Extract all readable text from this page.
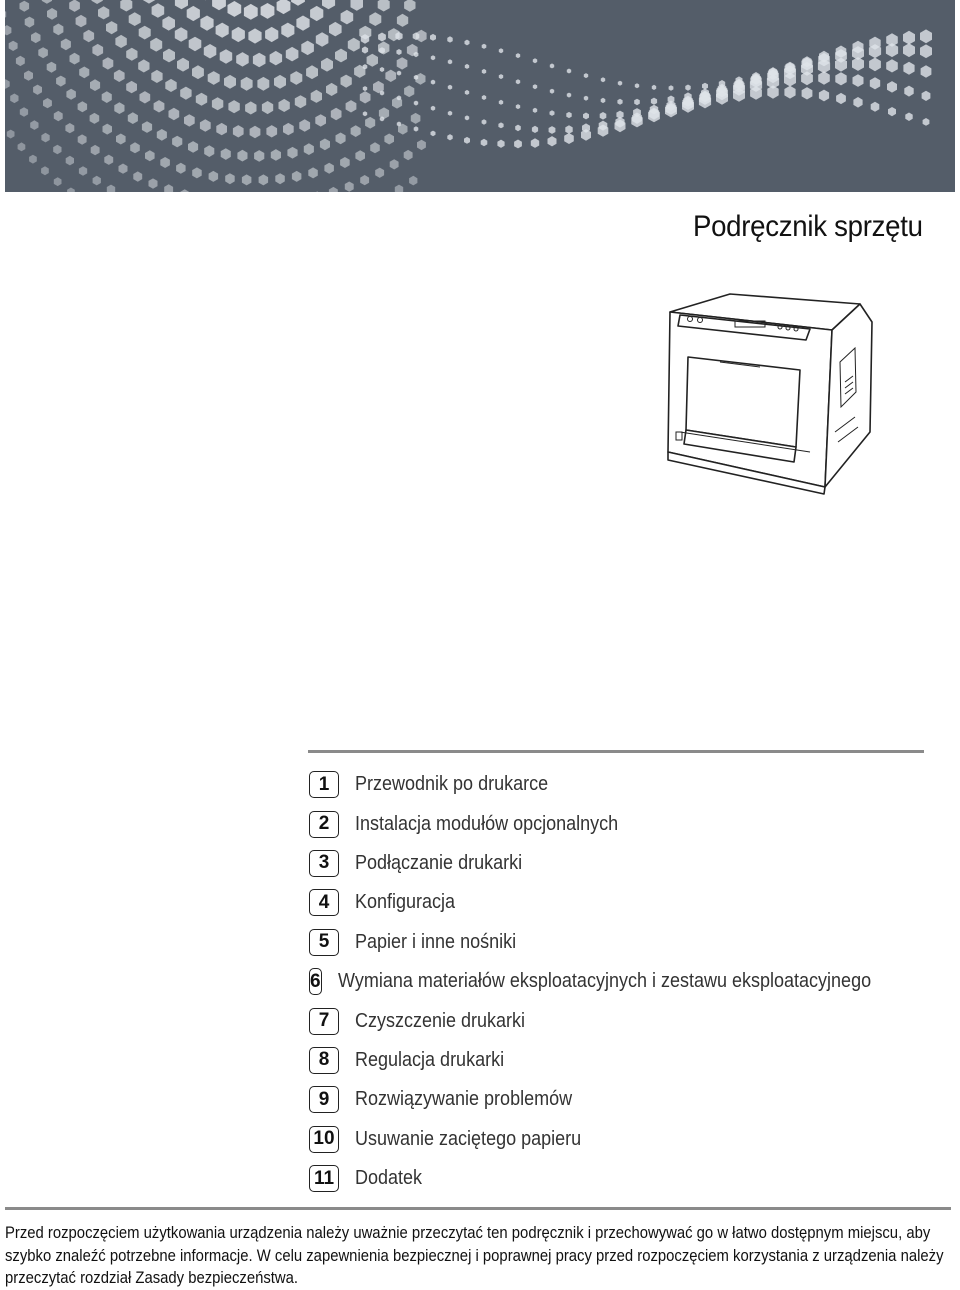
Podręcznik sprzętu
1	Przewodnik po drukarce
2	Instalacja modułów opcjonalnych
3	Podłączanie drukarki
4	Konfiguracja
5	Papier i inne nośniki
6 Wymiana materiałów eksploatacyjnych i zestawu eksploatacyjnego
7	Czyszczenie drukarki
8	Regulacja drukarki
9	Rozwiązywanie problemów
10 Usuwanie zaciętego papieru
11 Dodatek
Przed rozpoczęciem użytkowania urządzenia należy uważnie przeczytać ten podręcznik i przechowywać go w łatwo dostępnym miejscu, aby
szybko znaleźć potrzebne informacje. W celu zapewnienia bezpiecznej i poprawnej pracy przed rozpoczęciem korzystania z urządzenia należy
przeczytać rozdział Zasady bezpieczeństwa.
